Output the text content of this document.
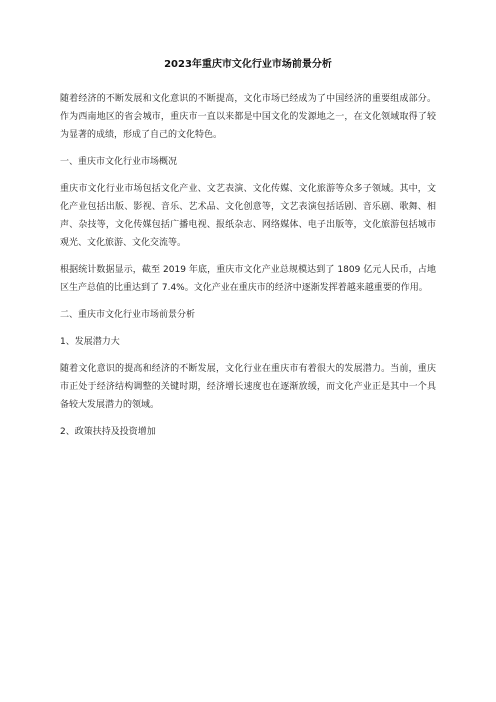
2023年重庆市文化行业市场前景分析

随着经济的不断发展和文化意识的不断提高，文化市场已经成为了中国经济的重要组成部分。作为西南地区的省会城市，重庆市一直以来都是中国文化的发源地之一，在文化领域取得了较为显著的成绩，形成了自己的文化特色。

一、重庆市文化行业市场概况

重庆市文化行业市场包括文化产业、文艺表演、文化传媒、文化旅游等众多子领域。其中，文化产业包括出版、影视、音乐、艺术品、文化创意等，文艺表演包括话剧、音乐剧、歌舞、相声、杂技等，文化传媒包括广播电视、报纸杂志、网络媒体、电子出版等，文化旅游包括城市观光、文化旅游、文化交流等。

根据统计数据显示，截至 2019 年底，重庆市文化产业总规模达到了 1809 亿元人民币，占地区生产总值的比重达到了 7.4%。文化产业在重庆市的经济中逐渐发挥着越来越重要的作用。

二、重庆市文化行业市场前景分析

1、发展潜力大

随着文化意识的提高和经济的不断发展，文化行业在重庆市有着很大的发展潜力。当前，重庆市正处于经济结构调整的关键时期，经济增长速度也在逐渐放缓，而文化产业正是其中一个具备较大发展潜力的领域。

2、政策扶持及投资增加
